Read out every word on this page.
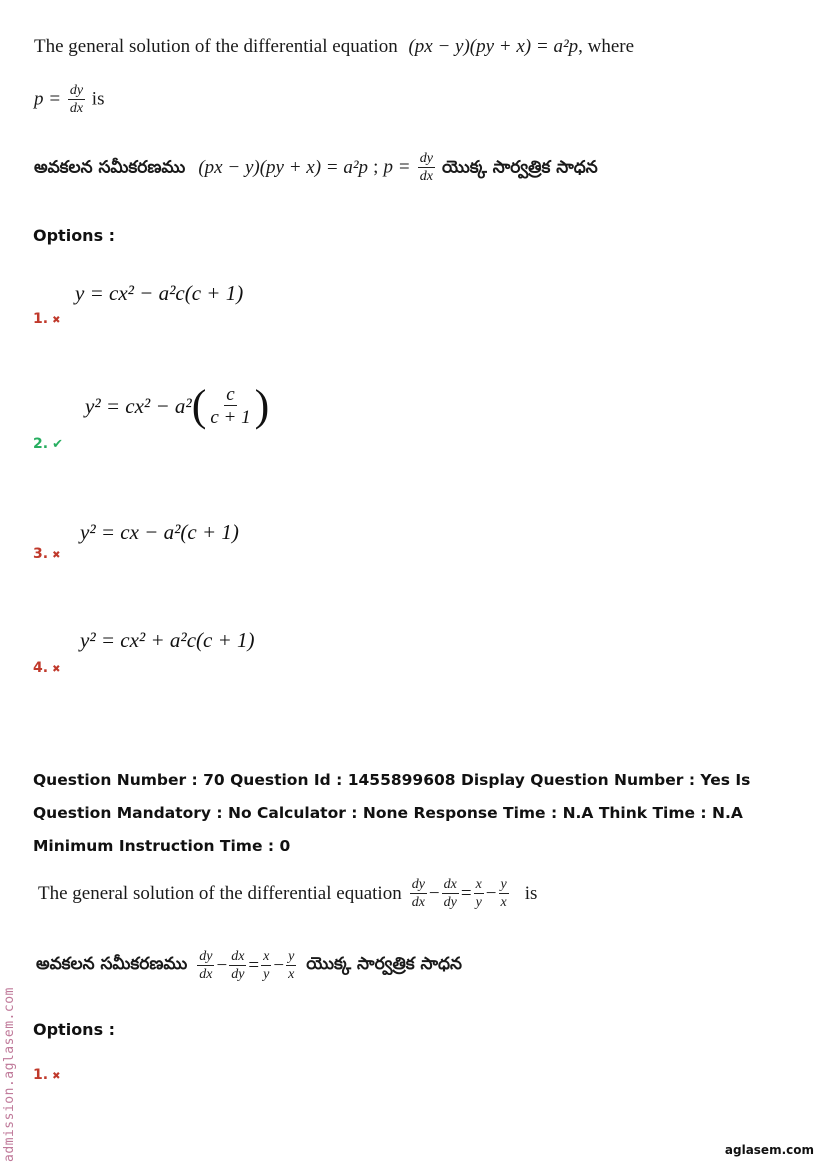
The general solution of the differential equation (px − y)(py + x) = a²p, where
$p = \frac{dy}{dx}$ is
అవకలన సమీకరణము (px − y)(py + x) = a²p ; $p = \frac{dy}{dx}$ యొక్క సార్వత్రిక సాధన
Options :
y = cx² − a²c(c + 1)
1. ✖
y² = cx² − a² ( $\frac{c}{c + 1}$ )
2. ✔
y² = cx − a²(c + 1)
3. ✖
y² = cx² + a²c(c + 1)
4. ✖
Question Number : 70 Question Id : 1455899608 Display Question Number : Yes Is Question Mandatory : No Calculator : None Response Time : N.A Think Time : N.A Minimum Instruction Time : 0
The general solution of the differential equation $\frac{dy}{dx} - \frac{dx}{dy} = \frac{x}{y} - \frac{y}{x}$ is
అవకలన సమీకరణము $\frac{dy}{dx} - \frac{dx}{dy} = \frac{x}{y} - \frac{y}{x}$ యొక్క సార్వత్రిక సాధన
Options :
1. ✖
admission.aglasem.com	aglasem.com
